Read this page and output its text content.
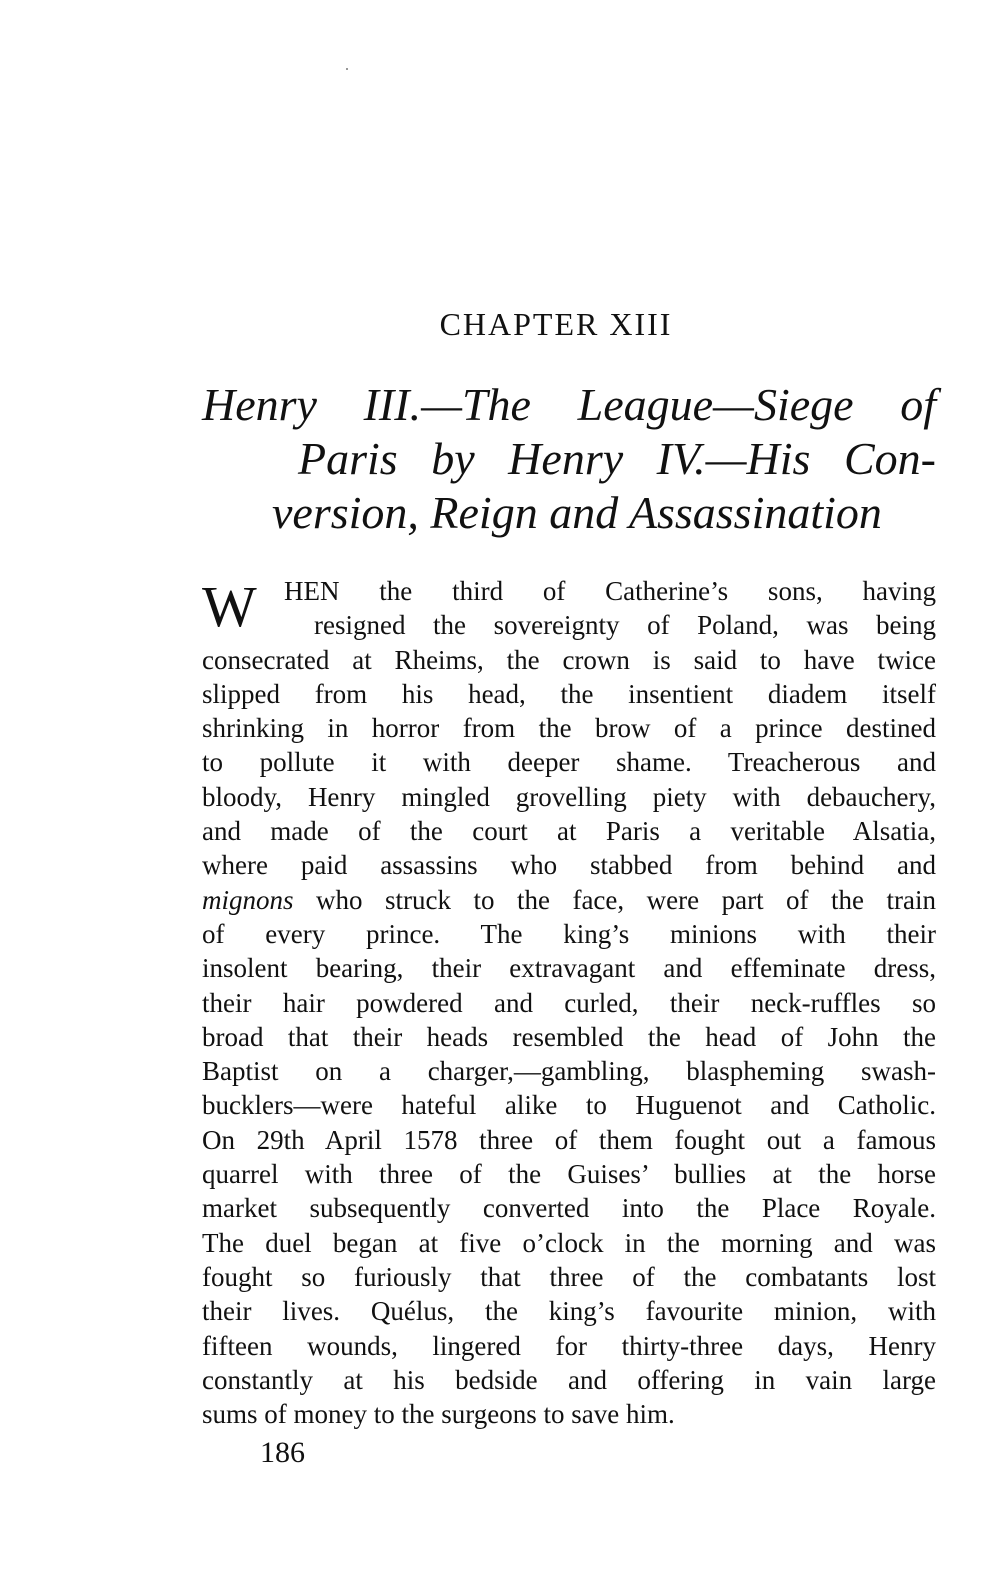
CHAPTER XIII
Henry III.—The League—Siege of
Paris by Henry IV.—His Con-
version, Reign and Assassination
W HEN the third of Catherine’s sons, having
resigned the sovereignty of Poland, was being
consecrated at Rheims, the crown is said to have twice
slipped from his head, the insentient diadem itself
shrinking in horror from the brow of a prince destined
to pollute it with deeper shame. Treacherous and
bloody, Henry mingled grovelling piety with debauchery,
and made of the court at Paris a veritable Alsatia,
where paid assassins who stabbed from behind and
mignons who struck to the face, were part of the train
of every prince. The king’s minions with their
insolent bearing, their extravagant and effeminate dress,
their hair powdered and curled, their neck-ruffles so
broad that their heads resembled the head of John the
Baptist on a charger,—gambling, blaspheming swash-
bucklers—were hateful alike to Huguenot and Catholic.
On 29th April 1578 three of them fought out a famous
quarrel with three of the Guises’ bullies at the horse
market subsequently converted into the Place Royale.
The duel began at five o’clock in the morning and was
fought so furiously that three of the combatants lost
their lives. Quélus, the king’s favourite minion, with
fifteen wounds, lingered for thirty-three days, Henry
constantly at his bedside and offering in vain large
sums of money to the surgeons to save him.
186
